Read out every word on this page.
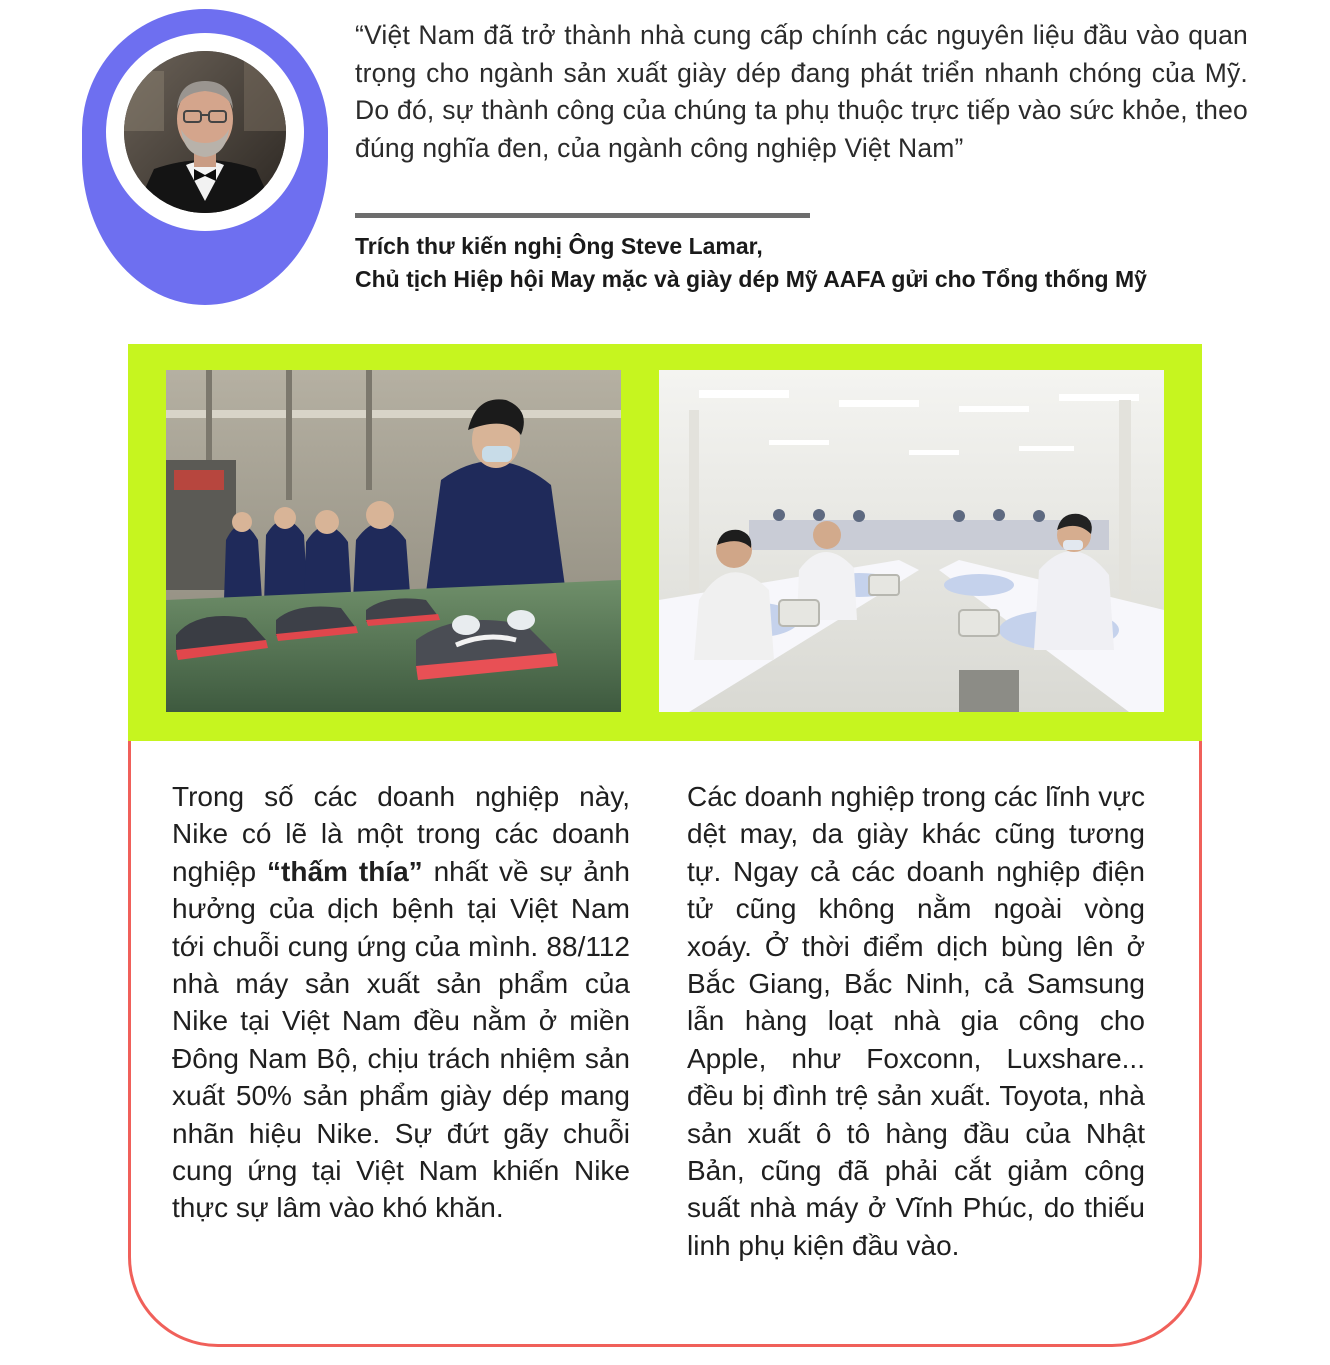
“Việt Nam đã trở thành nhà cung cấp chính các nguyên liệu đầu vào quan trọng cho ngành sản xuất giày dép đang phát triển nhanh chóng của Mỹ. Do đó, sự thành công của chúng ta phụ thuộc trực tiếp vào sức khỏe, theo đúng nghĩa đen, của ngành công nghiệp Việt Nam”
Trích thư kiến nghị Ông Steve Lamar,
Chủ tịch Hiệp hội May mặc và giày dép Mỹ AAFA gửi cho Tổng thống Mỹ
Trong số các doanh nghiệp này, Nike có lẽ là một trong các doanh nghiệp “thấm thía” nhất về sự ảnh hưởng của dịch bệnh tại Việt Nam tới chuỗi cung ứng của mình. 88/112 nhà máy sản xuất sản phẩm của Nike tại Việt Nam đều nằm ở miền Đông Nam Bộ, chịu trách nhiệm sản xuất 50% sản phẩm giày dép mang nhãn hiệu Nike. Sự đứt gãy chuỗi cung ứng tại Việt Nam khiến Nike thực sự lâm vào khó khăn.
Các doanh nghiệp trong các lĩnh vực dệt may, da giày khác cũng tương tự. Ngay cả các doanh nghiệp điện tử cũng không nằm ngoài vòng xoáy. Ở thời điểm dịch bùng lên ở Bắc Giang, Bắc Ninh, cả Samsung lẫn hàng loạt nhà gia công cho Apple, như Foxconn, Luxshare... đều bị đình trệ sản xuất. Toyota, nhà sản xuất ô tô hàng đầu của Nhật Bản, cũng đã phải cắt giảm công suất nhà máy ở Vĩnh Phúc, do thiếu linh phụ kiện đầu vào.
